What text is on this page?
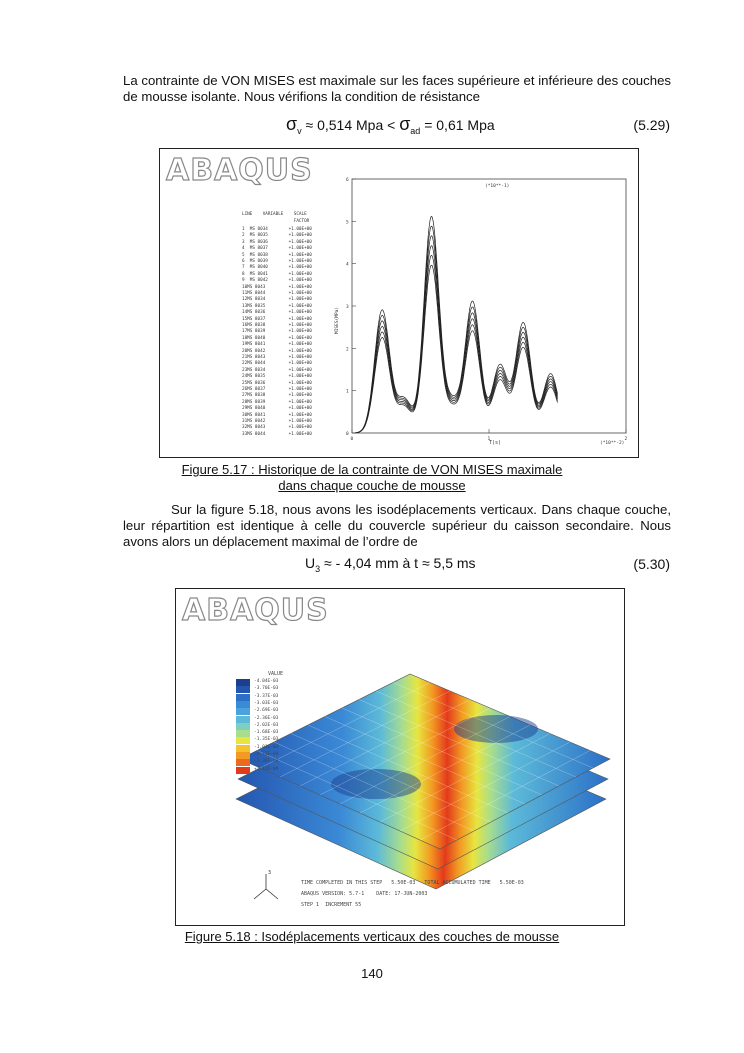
La contrainte de VON MISES est maximale sur les faces supérieure et inférieure des couches de mousse isolante. Nous vérifions la condition de résistance

$\sigma_v \approx 0,514$ Mpa < $\sigma_{ad} = 0,61$ Mpa	(5.29)
ABAQUS
LINE    VARIABLE    SCALE
FACTOR
1  MS 8034        +1.00E+00
2  MS 8035        +1.00E+00
3  MS 8036        +1.00E+00
4  MS 8037        +1.00E+00
5  MS 8038        +1.00E+00
6  MS 8039        +1.00E+00
7  MS 8040        +1.00E+00
8  MS 8041        +1.00E+00
9  MS 8042        +1.00E+00
10MS 8043         +1.00E+00
11MS 8044         +1.00E+00
12MS 8034         +1.00E+00
13MS 8035         +1.00E+00
14MS 8036         +1.00E+00
15MS 8037         +1.00E+00
16MS 8038         +1.00E+00
17MS 8039         +1.00E+00
18MS 8040         +1.00E+00
19MS 8041         +1.00E+00
20MS 8042         +1.00E+00
21MS 8043         +1.00E+00
22MS 8044         +1.00E+00
23MS 8034         +1.00E+00
24MS 8035         +1.00E+00
25MS 8036         +1.00E+00
26MS 8037         +1.00E+00
27MS 8038         +1.00E+00
28MS 8039         +1.00E+00
29MS 8040         +1.00E+00
30MS 8041         +1.00E+00
31MS 8042         +1.00E+00
32MS 8043         +1.00E+00
33MS 8044         +1.00E+00	0
1
2
3
4
5
6
0	1	2
T(s)	(*10**-2)
(*10**-1)
MISES(MPa)
Figure 5.17 : Historique de la contrainte de VON MISES maximale
dans chaque couche de mousse

Sur la figure 5.18, nous avons les isodéplacements verticaux. Dans chaque couche, leur répartition est identique à celle du couvercle supérieur du caisson secondaire. Nous avons alors un déplacement maximal de l’ordre de

$U_3$ ≈ - 4,04 mm à t ≈ 5,5 ms	(5.30)
ABAQUS
3
VALUE
-4.04E-03
-3.70E-03
-3.37E-03
-3.03E-03
-2.69E-03
-2.36E-03
-2.02E-03
-1.68E-03
-1.35E-03
-1.01E-03
-6.73E-04
-3.36E-04
+2.12E-09
TIME COMPLETED IN THIS STEP   5.50E-03   TOTAL ACCUMULATED TIME   5.50E-03
ABAQUS VERSION: 5.7-1    DATE: 17-JUN-2003
STEP 1  INCREMENT 55
Figure 5.18 : Isodéplacements verticaux des couches de mousse
140
